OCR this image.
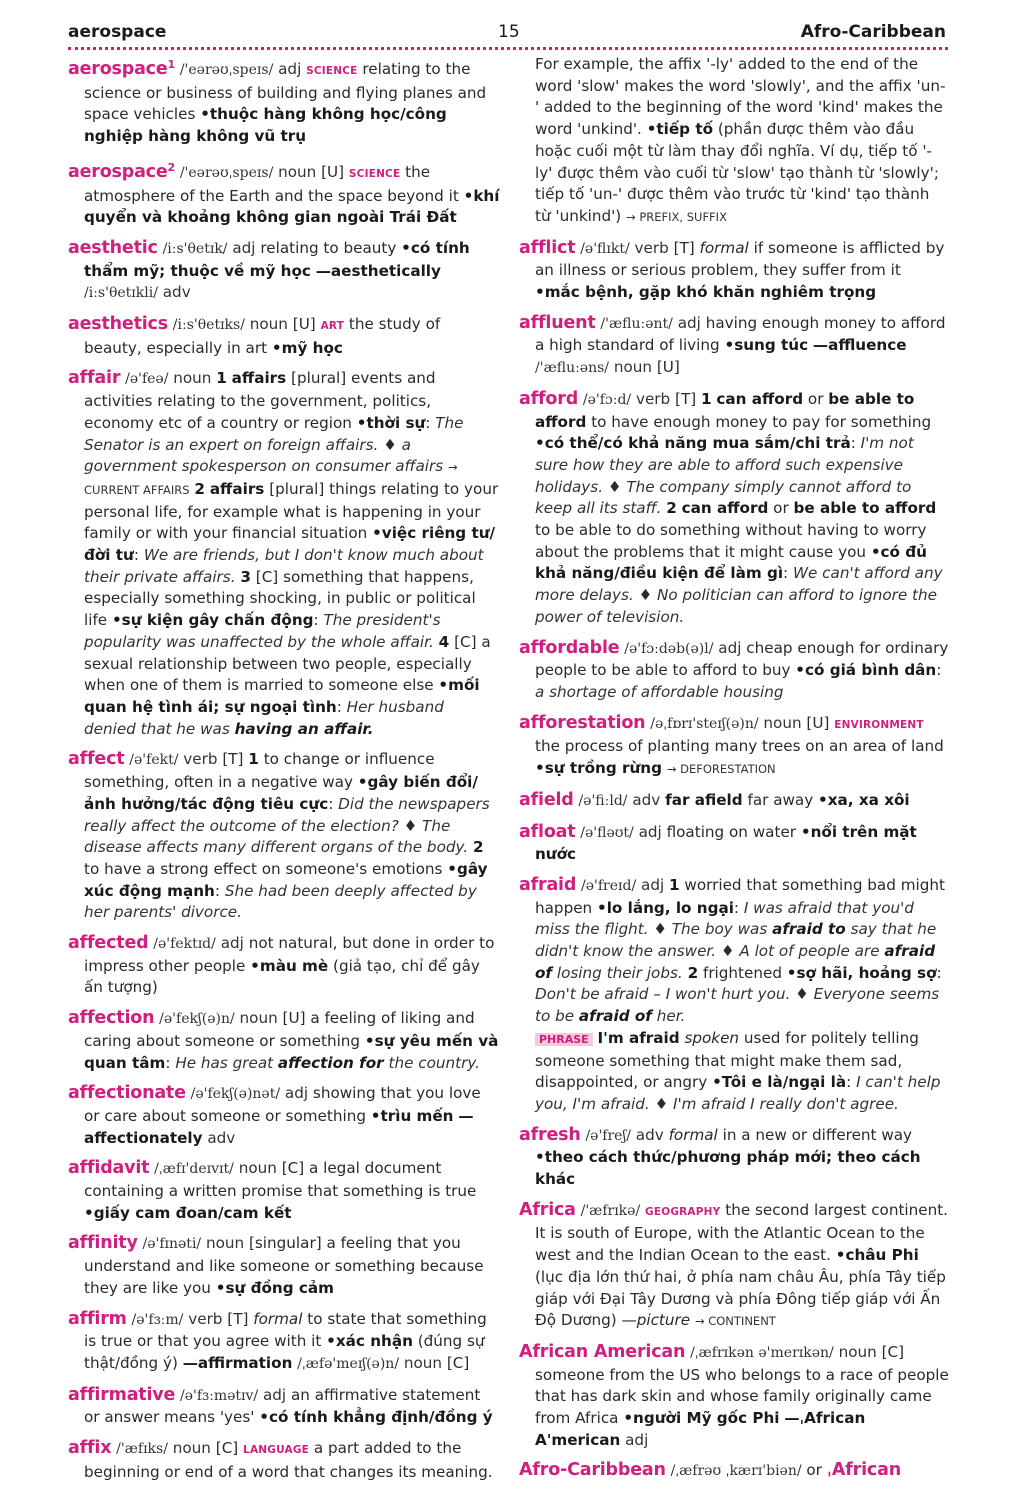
aerospace	15	Afro-Caribbean

aerospace$^1$ /'eərəʊˌspeɪs/ adj SCIENCE relating to the science or business of building and flying planes and space vehicles •thuộc hàng không học/công nghiệp hàng không vũ trụ

aerospace$^2$ /'eərəʊˌspeɪs/ noun [U] SCIENCE the atmosphere of the Earth and the space beyond it •khí quyển và khoảng không gian ngoài Trái Đất

aesthetic /iːs'θetɪk/ adj relating to beauty •có tính thẩm mỹ; thuộc về mỹ học —aesthetically /iːs'θetɪkli/ adv

aesthetics /iːs'θetɪks/ noun [U] ART the study of beauty, especially in art •mỹ học

affair /ə'feə/ noun 1 affairs [plural] events and activities relating to the government, politics, economy etc of a country or region •thời sự: The Senator is an expert on foreign affairs. ♦ a government spokesperson on consumer affairs → CURRENT AFFAIRS 2 affairs [plural] things relating to your personal life, for example what is happening in your family or with your financial situation •việc riêng tư/đời tư: We are friends, but I don't know much about their private affairs. 3 [C] something that happens, especially something shocking, in public or political life •sự kiện gây chấn động: The president's popularity was unaffected by the whole affair. 4 [C] a sexual relationship between two people, especially when one of them is married to someone else •mối quan hệ tình ái; sự ngoại tình: Her husband denied that he was having an affair.

affect /ə'fekt/ verb [T] 1 to change or influence something, often in a negative way •gây biến đổi/ảnh hưởng/tác động tiêu cực: Did the newspapers really affect the outcome of the election? ♦ The disease affects many different organs of the body. 2 to have a strong effect on someone's emotions •gây xúc động mạnh: She had been deeply affected by her parents' divorce.

affected /ə'fektɪd/ adj not natural, but done in order to impress other people •màu mè (giả tạo, chỉ để gây ấn tượng)

affection /ə'fekʃ(ə)n/ noun [U] a feeling of liking and caring about someone or something •sự yêu mến và quan tâm: He has great affection for the country.

affectionate /ə'fekʃ(ə)nət/ adj showing that you love or care about someone or something •trìu mến —affectionately adv

affidavit /ˌæfɪ'deɪvɪt/ noun [C] a legal document containing a written promise that something is true •giấy cam đoan/cam kết

affinity /ə'fɪnəti/ noun [singular] a feeling that you understand and like someone or something because they are like you •sự đồng cảm

affirm /ə'fɜːm/ verb [T] formal to state that something is true or that you agree with it •xác nhận (đúng sự thật/đồng ý) —affirmation /ˌæfə'meɪʃ(ə)n/ noun [C]

affirmative /ə'fɜːmətɪv/ adj an affirmative statement or answer means 'yes' •có tính khẳng định/đồng ý

affix /'æfɪks/ noun [C] LANGUAGE a part added to the beginning or end of a word that changes its meaning.

For example, the affix '-ly' added to the end of the word 'slow' makes the word 'slowly', and the affix 'un-' added to the beginning of the word 'kind' makes the word 'unkind'. •tiếp tố (phần được thêm vào đầu hoặc cuối một từ làm thay đổi nghĩa. Ví dụ, tiếp tố '-ly' được thêm vào cuối từ 'slow' tạo thành từ 'slowly'; tiếp tố 'un-' được thêm vào trước từ 'kind' tạo thành từ 'unkind') → PREFIX, SUFFIX

afflict /ə'flɪkt/ verb [T] formal if someone is afflicted by an illness or serious problem, they suffer from it •mắc bệnh, gặp khó khăn nghiêm trọng

affluent /'æfluːənt/ adj having enough money to afford a high standard of living •sung túc —affluence /'æfluːəns/ noun [U]

afford /ə'fɔːd/ verb [T] 1 can afford or be able to afford to have enough money to pay for something •có thể/có khả năng mua sắm/chi trả: I'm not sure how they are able to afford such expensive holidays. ♦ The company simply cannot afford to keep all its staff. 2 can afford or be able to afford to be able to do something without having to worry about the problems that it might cause you •có đủ khả năng/điều kiện để làm gì: We can't afford any more delays. ♦ No politician can afford to ignore the power of television.

affordable /ə'fɔːdəb(ə)l/ adj cheap enough for ordinary people to be able to afford to buy •có giá bình dân: a shortage of affordable housing

afforestation /əˌfɒrɪ'steɪʃ(ə)n/ noun [U] ENVIRONMENT the process of planting many trees on an area of land •sự trồng rừng → DEFORESTATION

afield /ə'fiːld/ adv far afield far away •xa, xa xôi

afloat /ə'fləʊt/ adj floating on water •nổi trên mặt nước

afraid /ə'freɪd/ adj 1 worried that something bad might happen •lo lắng, lo ngại: I was afraid that you'd miss the flight. ♦ The boy was afraid to say that he didn't know the answer. ♦ A lot of people are afraid of losing their jobs. 2 frightened •sợ hãi, hoảng sợ: Don't be afraid – I won't hurt you. ♦ Everyone seems to be afraid of her.
PHRASE I'm afraid spoken used for politely telling someone something that might make them sad, disappointed, or angry •Tôi e là/ngại là: I can't help you, I'm afraid. ♦ I'm afraid I really don't agree.

afresh /ə'freʃ/ adv formal in a new or different way •theo cách thức/phương pháp mới; theo cách khác

Africa /'æfrɪkə/ GEOGRAPHY the second largest continent. It is south of Europe, with the Atlantic Ocean to the west and the Indian Ocean to the east. •châu Phi (lục địa lớn thứ hai, ở phía nam châu Âu, phía Tây tiếp giáp với Đại Tây Dương và phía Đông tiếp giáp với Ấn Độ Dương) —picture → CONTINENT

African American /ˌæfrɪkən ə'merɪkən/ noun [C] someone from the US who belongs to a race of people that has dark skin and whose family originally came from Africa •người Mỹ gốc Phi —ˌAfrican A'merican adj

Afro-Caribbean /ˌæfrəʊ ˌkærɪ'biən/ or ˌAfrican
